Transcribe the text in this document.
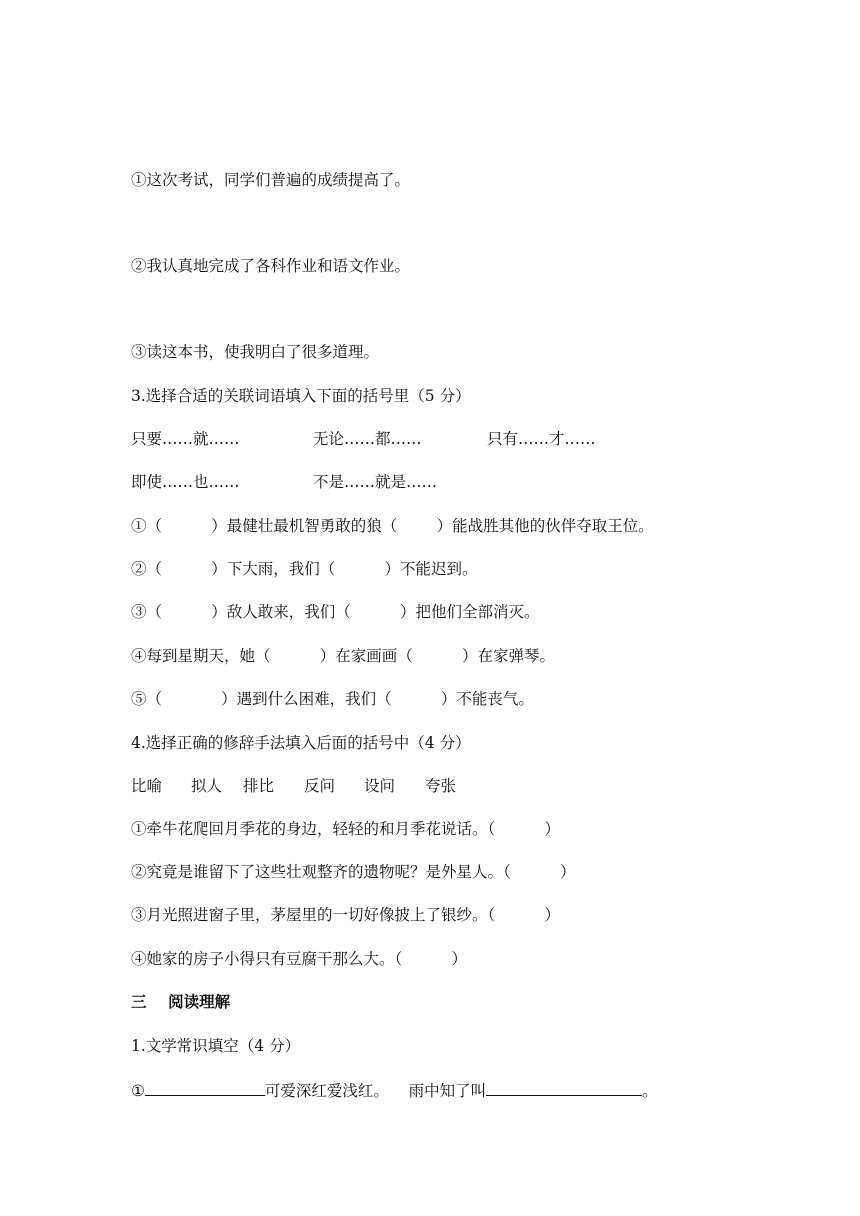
①这次考试，同学们普遍的成绩提高了。
②我认真地完成了各科作业和语文作业。
③读这本书，使我明白了很多道理。
3.选择合适的关联词语填入下面的括号里（5 分）
只要……就……	无论……都……	只有……才……
即使……也……	不是……就是……
①（          ）最健壮最机智勇敢的狼（        ）能战胜其他的伙伴夺取王位。
②（          ）下大雨，我们（          ）不能迟到。
③（          ）敌人敢来，我们（          ）把他们全部消灭。
④每到星期天，她（          ）在家画画（          ）在家弹琴。
⑤（            ）遇到什么困难，我们（          ）不能丧气。
4.选择正确的修辞手法填入后面的括号中（4 分）
比喻 拟人 排比 反问 设问 夸张
①牵牛花爬回月季花的身边，轻轻的和月季花说话。（          ）
②究竟是谁留下了这些壮观整齐的遗物呢？是外星人。（          ）
③月光照进窗子里，茅屋里的一切好像披上了银纱。（          ）
④她家的房子小得只有豆腐干那么大。（          ）
三    阅读理解
1.文学常识填空（4 分）
①	可爱深红爱浅红。    雨中知了叫	。
